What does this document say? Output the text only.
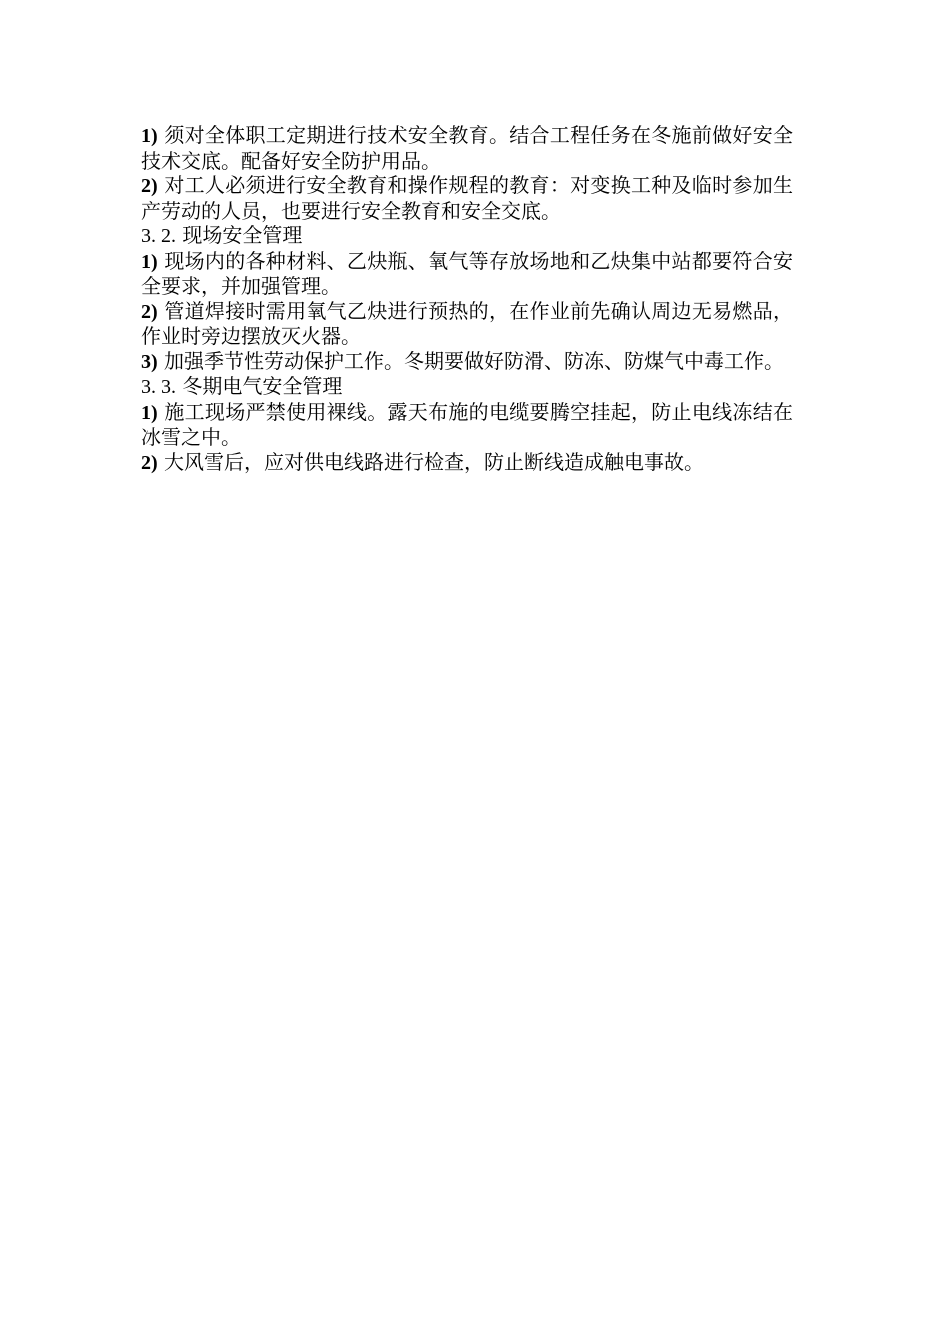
1) 须对全体职工定期进行技术安全教育。结合工程任务在冬施前做好安全技术交底。配备好安全防护用品。

2) 对工人必须进行安全教育和操作规程的教育：对变换工种及临时参加生产劳动的人员，也要进行安全教育和安全交底。

3. 2. 现场安全管理

1) 现场内的各种材料、乙炔瓶、氧气等存放场地和乙炔集中站都要符合安全要求，并加强管理。

2) 管道焊接时需用氧气乙炔进行预热的，在作业前先确认周边无易燃品，作业时旁边摆放灭火器。

3) 加强季节性劳动保护工作。冬期要做好防滑、防冻、防煤气中毒工作。

3. 3. 冬期电气安全管理

1) 施工现场严禁使用裸线。露天布施的电缆要腾空挂起，防止电线冻结在冰雪之中。

2) 大风雪后，应对供电线路进行检查，防止断线造成触电事故。
